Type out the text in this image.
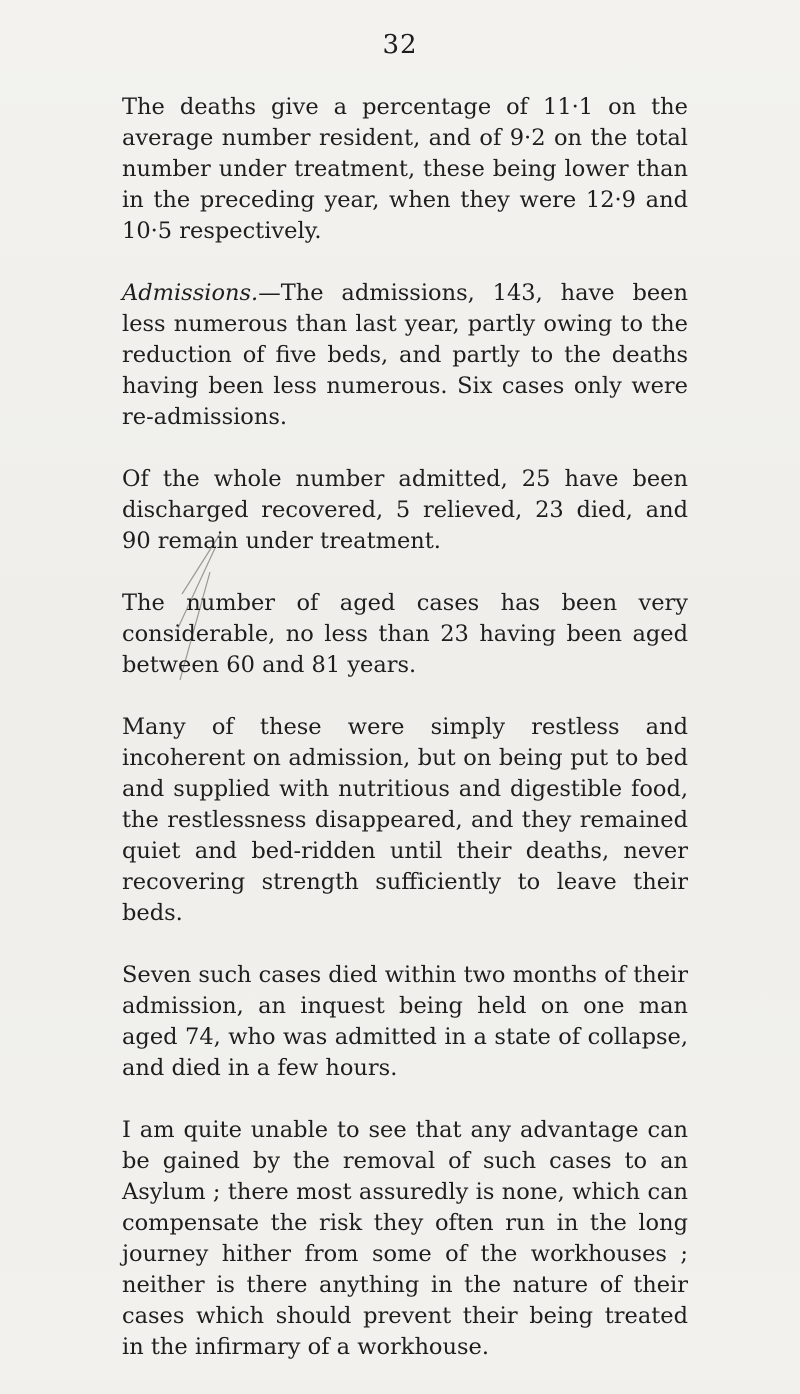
32

The deaths give a percentage of 11·1 on the average number resident, and of 9·2 on the total number under treatment, these being lower than in the preceding year, when they were 12·9 and 10·5 respectively.

Admissions.—The admissions, 143, have been less numerous than last year, partly owing to the reduction of five beds, and partly to the deaths having been less numerous. Six cases only were re-admissions.

Of the whole number admitted, 25 have been discharged recovered, 5 relieved, 23 died, and 90 remain under treatment.

The number of aged cases has been very considerable, no less than 23 having been aged between 60 and 81 years.

Many of these were simply restless and incoherent on admission, but on being put to bed and supplied with nutritious and digestible food, the restlessness disappeared, and they remained quiet and bed-ridden until their deaths, never recovering strength sufficiently to leave their beds.

Seven such cases died within two months of their admission, an inquest being held on one man aged 74, who was admitted in a state of collapse, and died in a few hours.

I am quite unable to see that any advantage can be gained by the removal of such cases to an Asylum ; there most assuredly is none, which can compensate the risk they often run in the long journey hither from some of the workhouses ; neither is there anything in the nature of their cases which should prevent their being treated in the infirmary of a workhouse.
